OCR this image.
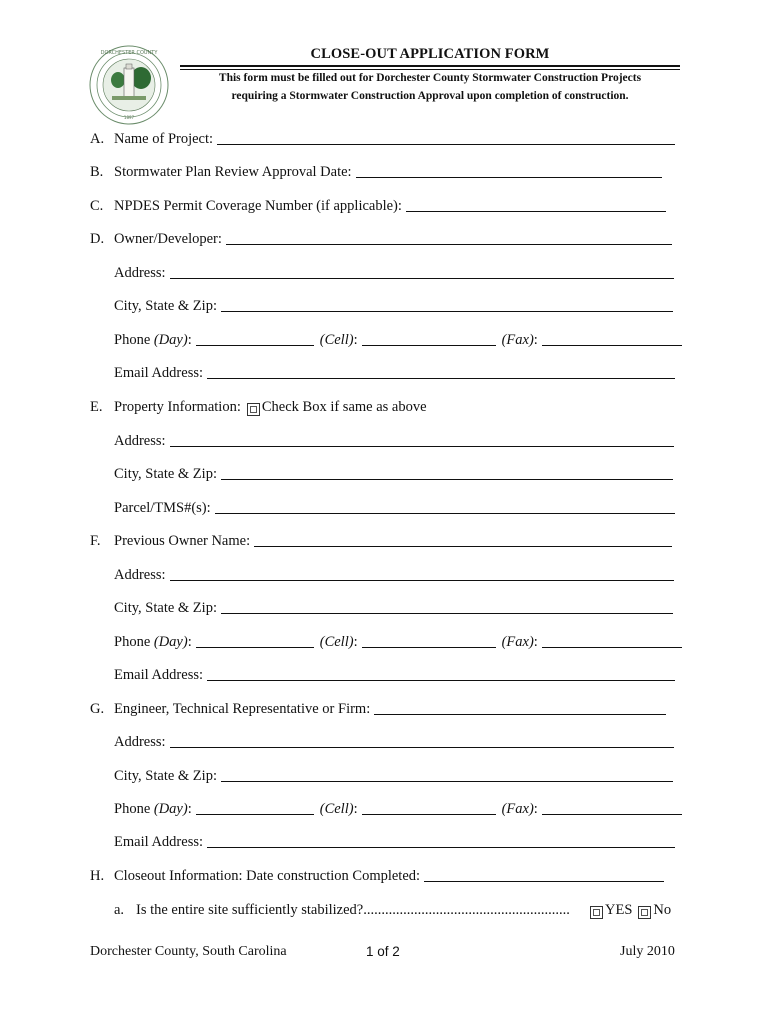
DORCHESTER COUNTY
1897
CLOSE-OUT APPLICATION FORM
This form must be filled out for Dorchester County Stormwater Construction Projects
requiring a Stormwater Construction Approval upon completion of construction.
A. Name of Project:
B. Stormwater Plan Review Approval Date:
C. NPDES Permit Coverage Number (if applicable):
D. Owner/Developer:
Address:
City, State & Zip:
Phone (Day):	(Cell):	(Fax):
Email Address:
E. Property Information: Check Box if same as above
Address:
City, State & Zip:
Parcel/TMS#(s):
F. Previous Owner Name:
Address:
City, State & Zip:
Phone (Day):	(Cell):	(Fax):
Email Address:
G. Engineer, Technical Representative or Firm:
Address:
City, State & Zip:
Phone (Day):	(Cell):	(Fax):
Email Address:
H. Closeout Information: Date construction Completed:
a. Is the entire site sufficiently stabilized?.........................................................	YES No
Dorchester County, South Carolina	1 of 2	July 2010
